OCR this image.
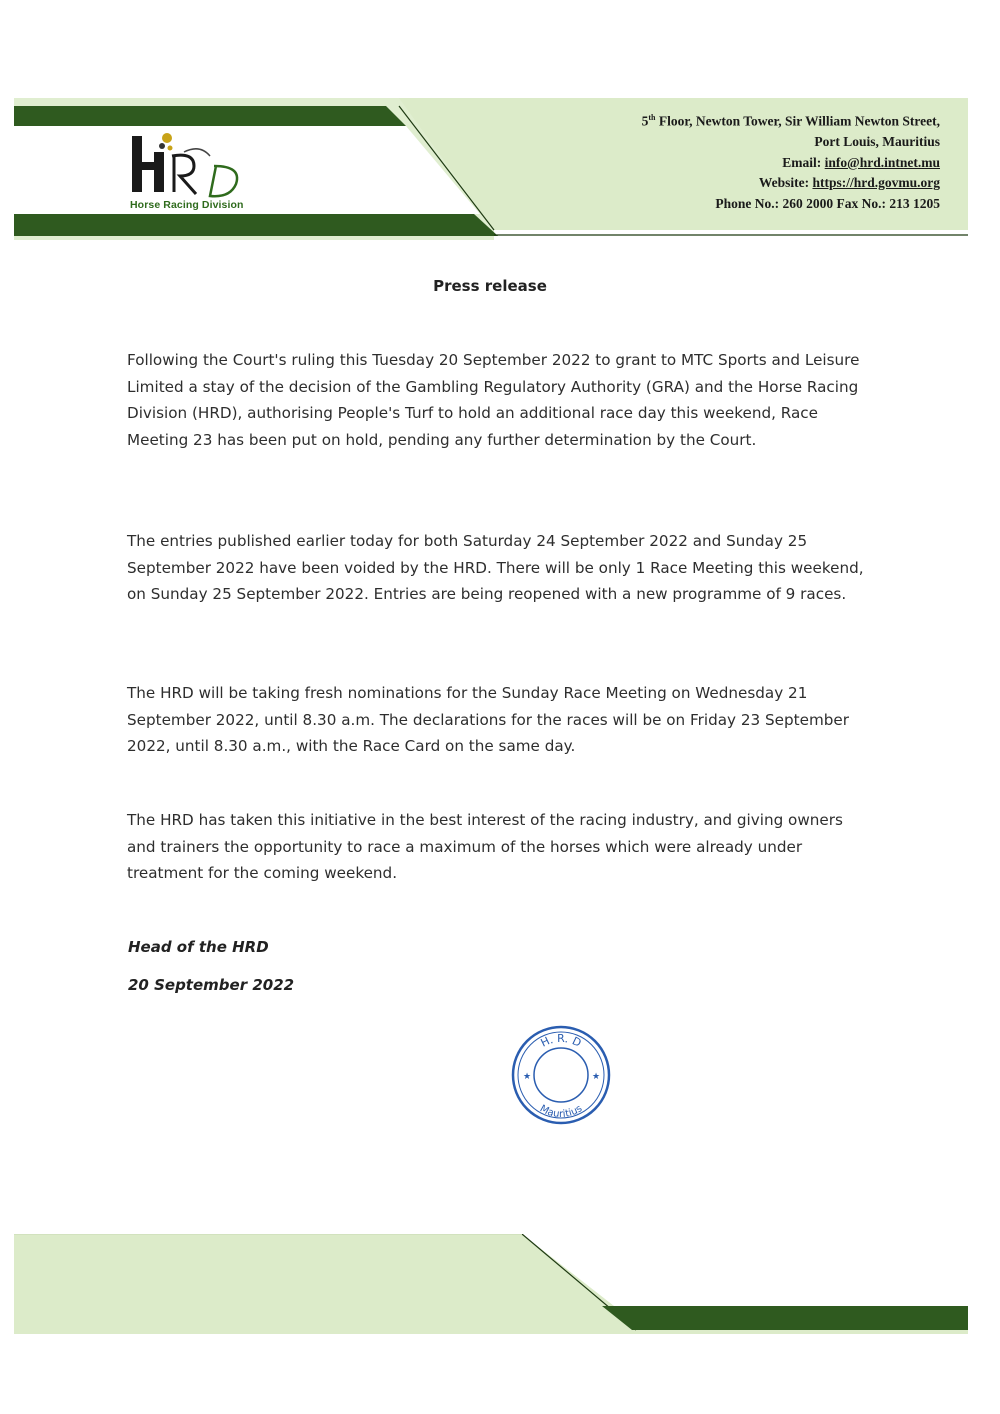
Horse Racing Division
5th Floor, Newton Tower, Sir William Newton Street,
Port Louis, Mauritius
Email: info@hrd.intnet.mu
Website: https://hrd.govmu.org
Phone No.: 260 2000 Fax No.: 213 1205
Press release

Following the Court's ruling this Tuesday 20 September 2022 to grant to MTC Sports and Leisure Limited a stay of the decision of the Gambling Regulatory Authority (GRA) and the Horse Racing Division (HRD), authorising People's Turf to hold an additional race day this weekend, Race Meeting 23 has been put on hold, pending any further determination by the Court.

The entries published earlier today for both Saturday 24 September 2022 and Sunday 25 September 2022 have been voided by the HRD. There will be only 1 Race Meeting this weekend, on Sunday 25 September 2022. Entries are being reopened with a new programme of 9 races.

The HRD will be taking fresh nominations for the Sunday Race Meeting on Wednesday 21 September 2022, until 8.30 a.m. The declarations for the races will be on Friday 23 September 2022, until 8.30 a.m., with the Race Card on the same day.

The HRD has taken this initiative in the best interest of the racing industry, and giving owners and trainers the opportunity to race a maximum of the horses which were already under treatment for the coming weekend.

Head of the HRD
20 September 2022
H. R. D
Mauritius
★	★
